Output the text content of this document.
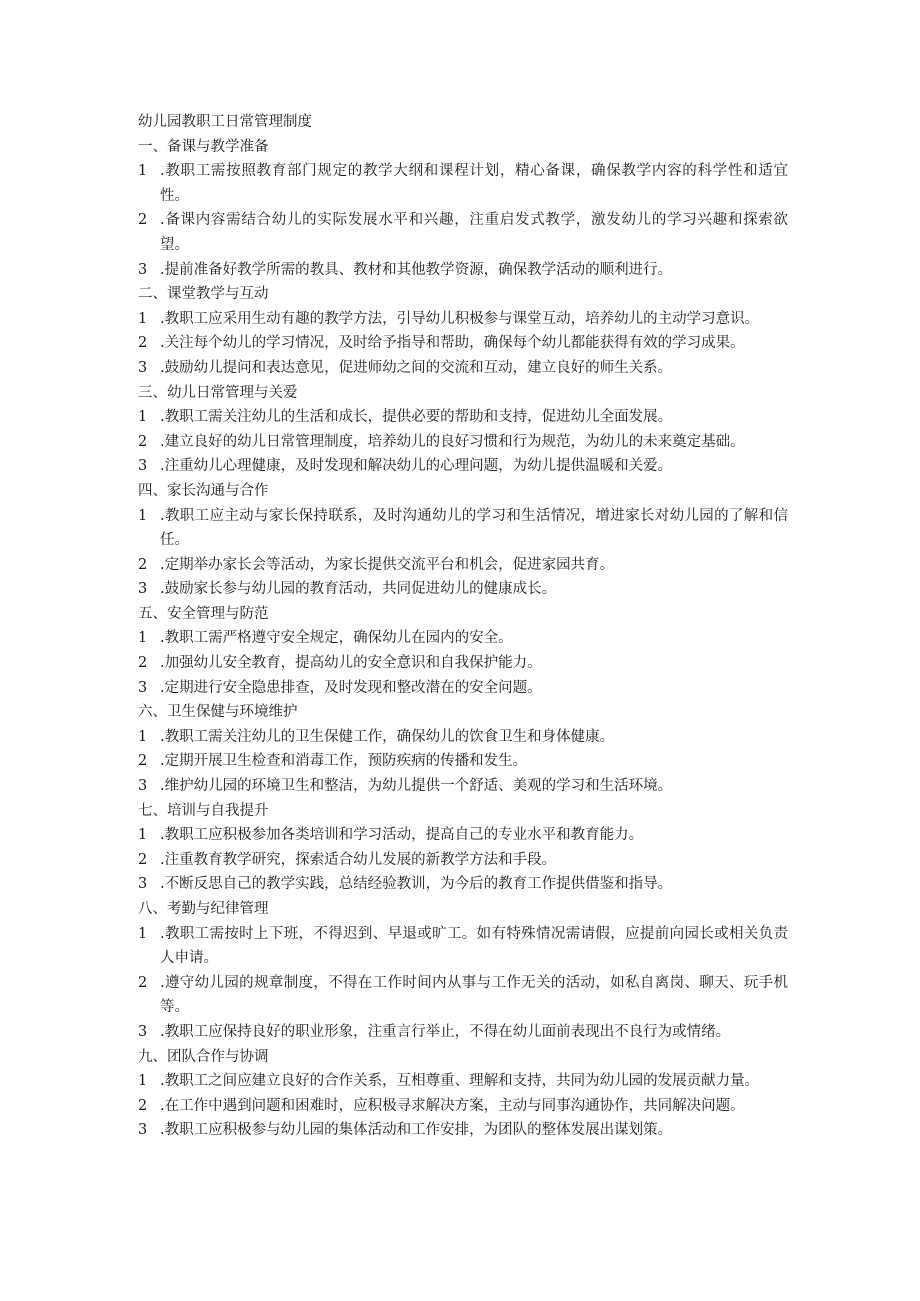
幼儿园教职工日常管理制度

一、备课与教学准备

1 .教职工需按照教育部门规定的教学大纲和课程计划，精心备课，确保教学内容的科学性和适宜性。

2 .备课内容需结合幼儿的实际发展水平和兴趣，注重启发式教学，激发幼儿的学习兴趣和探索欲望。

3 .提前准备好教学所需的教具、教材和其他教学资源，确保教学活动的顺利进行。

二、课堂教学与互动

1 .教职工应采用生动有趣的教学方法，引导幼儿积极参与课堂互动，培养幼儿的主动学习意识。

2 .关注每个幼儿的学习情况，及时给予指导和帮助，确保每个幼儿都能获得有效的学习成果。

3 .鼓励幼儿提问和表达意见，促进师幼之间的交流和互动，建立良好的师生关系。

三、幼儿日常管理与关爱

1 .教职工需关注幼儿的生活和成长，提供必要的帮助和支持，促进幼儿全面发展。

2 .建立良好的幼儿日常管理制度，培养幼儿的良好习惯和行为规范，为幼儿的未来奠定基础。

3 .注重幼儿心理健康，及时发现和解决幼儿的心理问题，为幼儿提供温暖和关爱。

四、家长沟通与合作

1 .教职工应主动与家长保持联系，及时沟通幼儿的学习和生活情况，增进家长对幼儿园的了解和信任。

2 .定期举办家长会等活动，为家长提供交流平台和机会，促进家园共育。

3 .鼓励家长参与幼儿园的教育活动，共同促进幼儿的健康成长。

五、安全管理与防范

1 .教职工需严格遵守安全规定，确保幼儿在园内的安全。

2 .加强幼儿安全教育，提高幼儿的安全意识和自我保护能力。

3 .定期进行安全隐患排查，及时发现和整改潜在的安全问题。

六、卫生保健与环境维护

1 .教职工需关注幼儿的卫生保健工作，确保幼儿的饮食卫生和身体健康。

2 .定期开展卫生检查和消毒工作，预防疾病的传播和发生。

3 .维护幼儿园的环境卫生和整洁，为幼儿提供一个舒适、美观的学习和生活环境。

七、培训与自我提升

1 .教职工应积极参加各类培训和学习活动，提高自己的专业水平和教育能力。

2 .注重教育教学研究，探索适合幼儿发展的新教学方法和手段。

3 .不断反思自己的教学实践，总结经验教训，为今后的教育工作提供借鉴和指导。

八、考勤与纪律管理

1 .教职工需按时上下班，不得迟到、早退或旷工。如有特殊情况需请假，应提前向园长或相关负责人申请。

2 .遵守幼儿园的规章制度，不得在工作时间内从事与工作无关的活动，如私自离岗、聊天、玩手机等。

3 .教职工应保持良好的职业形象，注重言行举止，不得在幼儿面前表现出不良行为或情绪。

九、团队合作与协调

1 .教职工之间应建立良好的合作关系，互相尊重、理解和支持，共同为幼儿园的发展贡献力量。

2 .在工作中遇到问题和困难时，应积极寻求解决方案，主动与同事沟通协作，共同解决问题。

3 .教职工应积极参与幼儿园的集体活动和工作安排，为团队的整体发展出谋划策。
